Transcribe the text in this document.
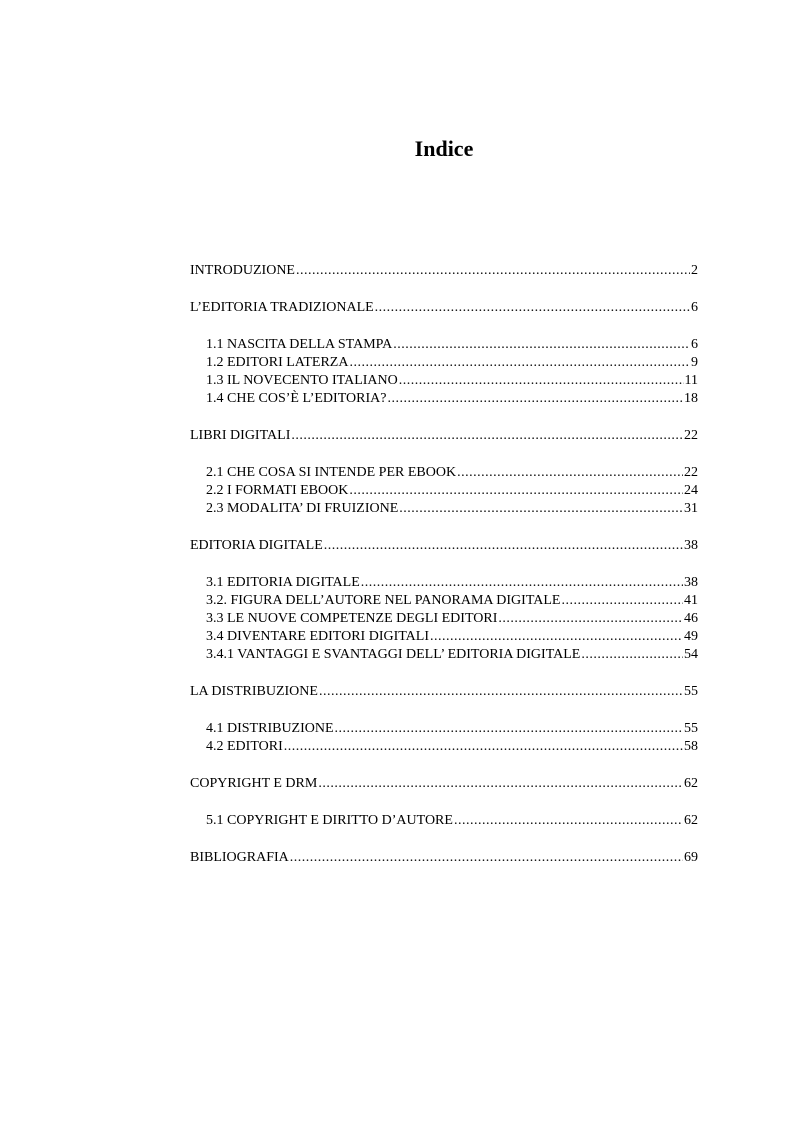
Indice
INTRODUZIONE .....	2
L’EDITORIA TRADIZIONALE .....	6
1.1 NASCITA DELLA STAMPA .....	6
1.2 EDITORI LATERZA .....	9
1.3 IL NOVECENTO ITALIANO .....	11
1.4 CHE COS’È L’EDITORIA? .....	18
LIBRI DIGITALI .....	22
2.1 CHE COSA SI INTENDE PER EBOOK .....	22
2.2 I FORMATI EBOOK .....	24
2.3 MODALITA’ DI FRUIZIONE .....	31
EDITORIA DIGITALE .....	38
3.1 EDITORIA DIGITALE .....	38
3.2. FIGURA DELL’AUTORE NEL PANORAMA DIGITALE .....	41
3.3 LE NUOVE COMPETENZE DEGLI EDITORI .....	46
3.4 DIVENTARE EDITORI DIGITALI .....	49
3.4.1 VANTAGGI E SVANTAGGI DELL’ EDITORIA DIGITALE .....	54
LA DISTRIBUZIONE .....	55
4.1 DISTRIBUZIONE .....	55
4.2 EDITORI .....	58
COPYRIGHT E DRM .....	62
5.1 COPYRIGHT E DIRITTO D’AUTORE .....	62
BIBLIOGRAFIA .....	69
